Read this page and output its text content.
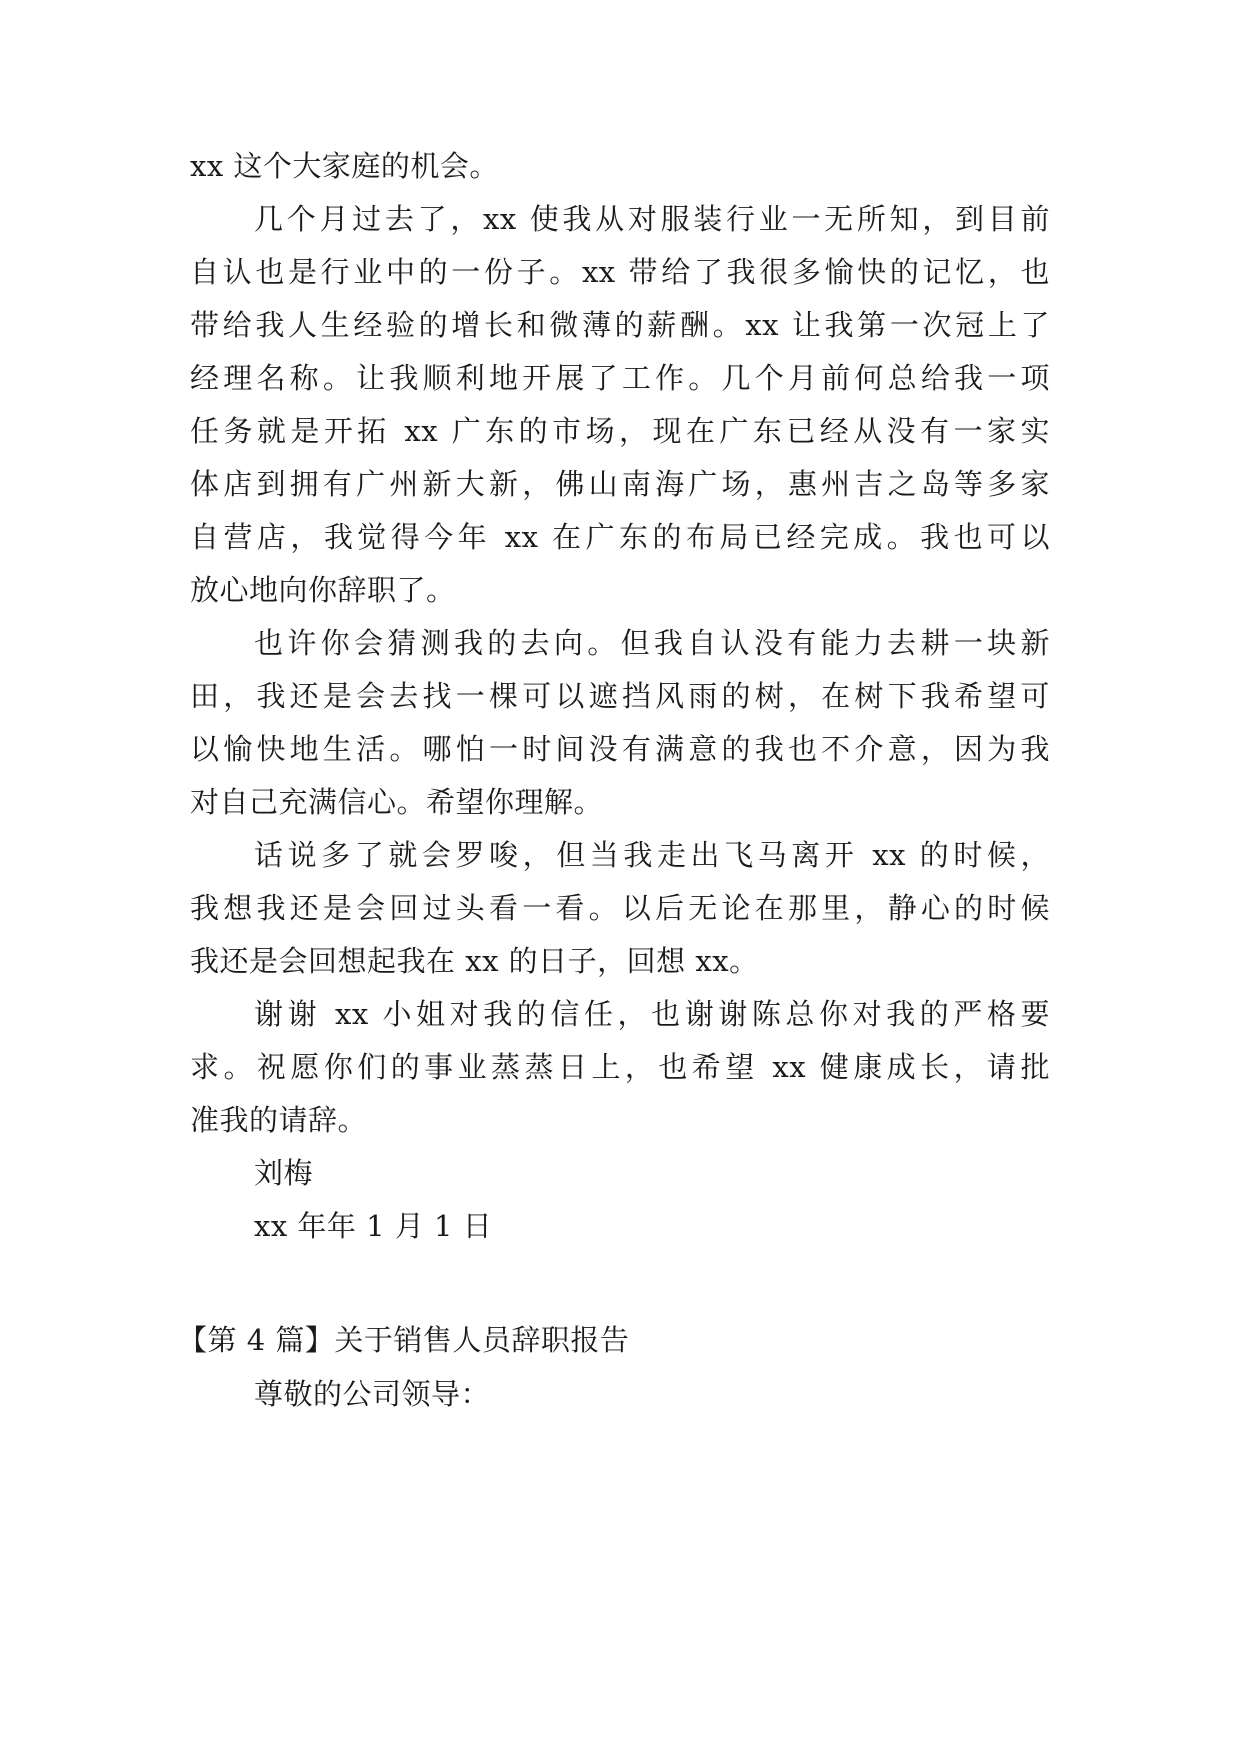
xx 这个大家庭的机会。
几个月过去了，xx 使我从对服装行业一无所知，到目前
自认也是行业中的一份子。xx 带给了我很多愉快的记忆，也
带给我人生经验的增长和微薄的薪酬。xx 让我第一次冠上了
经理名称。让我顺利地开展了工作。几个月前何总给我一项
任务就是开拓 xx 广东的市场，现在广东已经从没有一家实
体店到拥有广州新大新，佛山南海广场，惠州吉之岛等多家
自营店，我觉得今年 xx 在广东的布局已经完成。我也可以
放心地向你辞职了。
也许你会猜测我的去向。但我自认没有能力去耕一块新
田，我还是会去找一棵可以遮挡风雨的树，在树下我希望可
以愉快地生活。哪怕一时间没有满意的我也不介意，因为我
对自己充满信心。希望你理解。
话说多了就会罗唆，但当我走出飞马离开 xx 的时候，
我想我还是会回过头看一看。以后无论在那里，静心的时候
我还是会回想起我在 xx 的日子，回想 xx。
谢谢 xx 小姐对我的信任，也谢谢陈总你对我的严格要
求。祝愿你们的事业蒸蒸日上，也希望 xx 健康成长，请批
准我的请辞。
刘梅
xx 年年 1 月 1 日
【第 4 篇】关于销售人员辞职报告
尊敬的公司领导：
